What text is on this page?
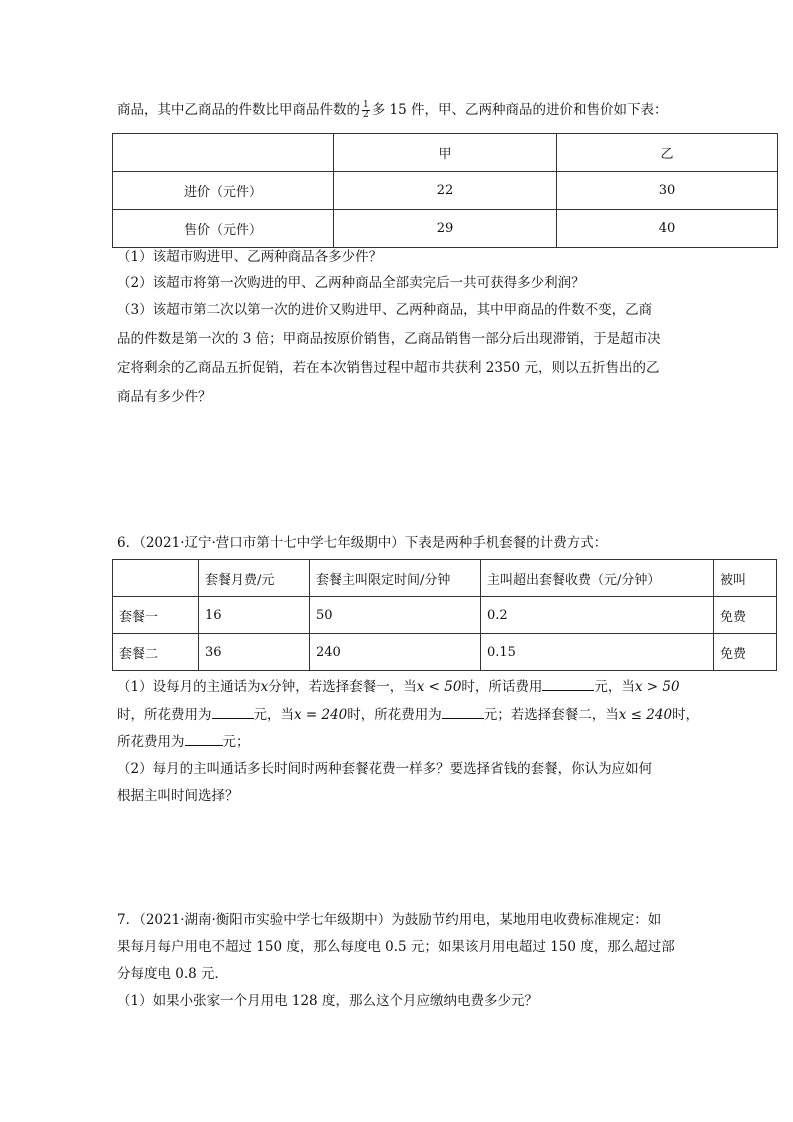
商品，其中乙商品的件数比甲商品件数的 $\frac{1}{2}$ 多 15 件，甲、乙两种商品的进价和售价如下表：
	甲	乙
进价（元件）	22	30
售价（元件）	29	40
（1）该超市购进甲、乙两种商品各多少件？
（2）该超市将第一次购进的甲、乙两种商品全部卖完后一共可获得多少利润？
（3）该超市第二次以第一次的进价又购进甲、乙两种商品，其中甲商品的件数不变，乙商
品的件数是第一次的 3 倍；甲商品按原价销售，乙商品销售一部分后出现滞销，于是超市决
定将剩余的乙商品五折促销，若在本次销售过程中超市共获利 2350 元，则以五折售出的乙
商品有多少件？
6．（2021·辽宁·营口市第十七中学七年级期中）下表是两种手机套餐的计费方式：
	套餐月费/元	套餐主叫限定时间/分钟	主叫超出套餐收费（元/分钟）	被叫
套餐一	16	50	0.2	免费
套餐二	36	240	0.15	免费
（1）设每月的主通话为x分钟，若选择套餐一，当x < 50时，所话费用	元，当x > 50
时，所花费用为	元，当x = 240时，所花费用为	元；若选择套餐二，当x ≤ 240时，
所花费用为	元；
（2）每月的主叫通话多长时间时两种套餐花费一样多？要选择省钱的套餐，你认为应如何
根据主叫时间选择？
7．（2021·湖南·衡阳市实验中学七年级期中）为鼓励节约用电，某地用电收费标准规定：如
果每月每户用电不超过 150 度，那么每度电 0.5 元；如果该月用电超过 150 度，那么超过部
分每度电 0.8 元．
（1）如果小张家一个月用电 128 度，那么这个月应缴纳电费多少元？
